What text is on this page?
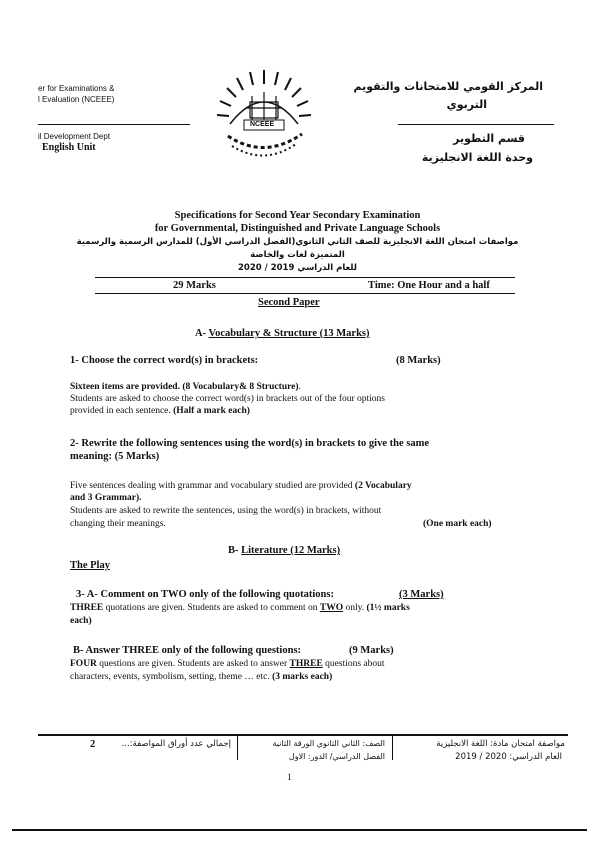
er for Examinations &
l Evaluation (NCEEE)
il Development Dept
English Unit
المركز القومي للامتحانات والتقويم
التربوي
قسم التطوير
وحدة اللغة الانجليزية
NCEEE
Specifications for Second Year Secondary Examination
for Governmental, Distinguished and Private Language Schools
مواصفات امتحان اللغة الانجليزية للصف الثاني الثانوي(الفصل الدراسي الأول) للمدارس الرسمية والرسمية
المتميزة لغات والخاصة
للعام الدراسي 2019 / 2020
29 Marks	Time: One Hour and a half
Second Paper
A- Vocabulary & Structure (13 Marks)
1- Choose the correct word(s) in brackets:	(8 Marks)
Sixteen items are provided. (8 Vocabulary& 8 Structure).
Students are asked to choose the correct word(s) in brackets out of the four options
provided in each sentence. (Half a mark each)
2- Rewrite the following sentences using the word(s) in brackets to give the same
meaning: (5 Marks)
Five sentences dealing with grammar and vocabulary studied are provided (2 Vocabulary
and 3 Grammar).
Students are asked to rewrite the sentences, using the word(s) in brackets, without
changing their meanings.	(One mark each)
B- Literature (12 Marks)
The Play
3- A- Comment on TWO only of the following quotations:	(3 Marks)
THREE quotations are given. Students are asked to comment on TWO only. (1½ marks
each)
B- Answer THREE only of the following questions:	(9 Marks)
FOUR questions are given. Students are asked to answer THREE questions about
characters, events, symbolism, setting, theme … etc. (3 marks each)
مواصفة امتحان مادة: اللغة الانجليزية
العام الدراسي: 2020 / 2019
الصف: الثاني الثانوي الورقة الثانية
الفصل الدراسي/ الدور: الاول
إجمالي عدد أوراق المواصفة:...
2
1
